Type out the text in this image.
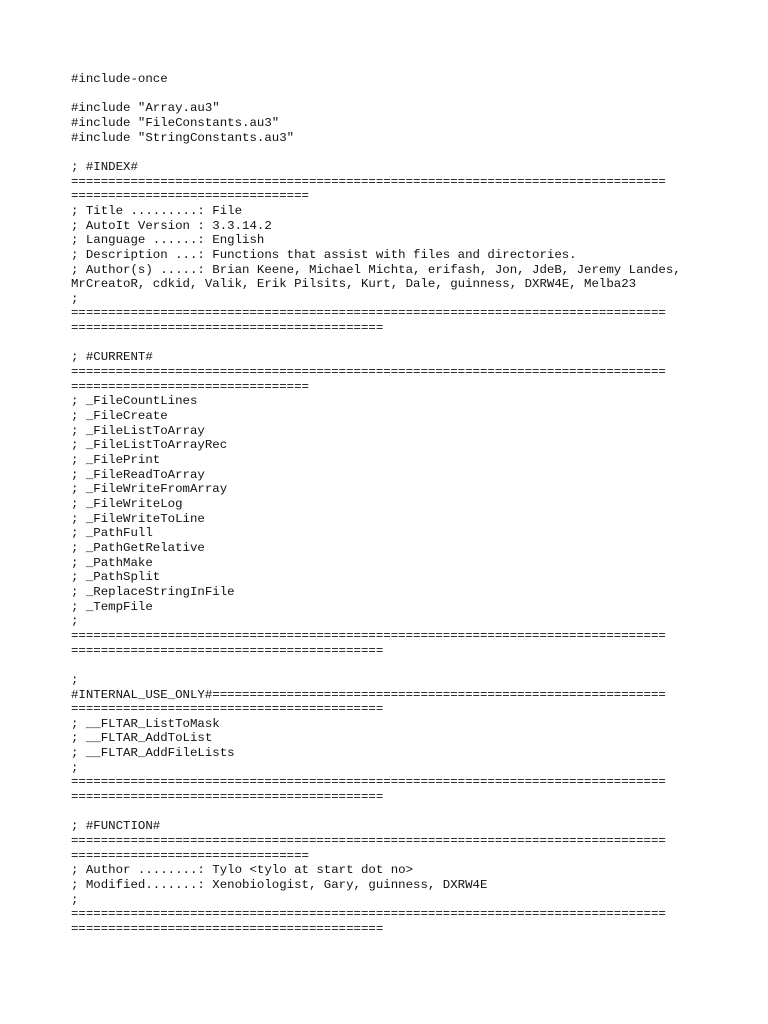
#include-once
#include "Array.au3"
#include "FileConstants.au3"
#include "StringConstants.au3"
; #INDEX#
================================================================================
================================
; Title .........: File
; AutoIt Version : 3.3.14.2
; Language ......: English
; Description ...: Functions that assist with files and directories.
; Author(s) .....: Brian Keene, Michael Michta, erifash, Jon, JdeB, Jeremy Landes,
MrCreatoR, cdkid, Valik, Erik Pilsits, Kurt, Dale, guinness, DXRW4E, Melba23
;
================================================================================
==========================================
; #CURRENT#
================================================================================
================================
; _FileCountLines
; _FileCreate
; _FileListToArray
; _FileListToArrayRec
; _FilePrint
; _FileReadToArray
; _FileWriteFromArray
; _FileWriteLog
; _FileWriteToLine
; _PathFull
; _PathGetRelative
; _PathMake
; _PathSplit
; _ReplaceStringInFile
; _TempFile
;
================================================================================
==========================================
;
#INTERNAL_USE_ONLY#=============================================================
==========================================
; __FLTAR_ListToMask
; __FLTAR_AddToList
; __FLTAR_AddFileLists
;
================================================================================
==========================================
; #FUNCTION#
================================================================================
================================
; Author ........: Tylo <tylo at start dot no>
; Modified.......: Xenobiologist, Gary, guinness, DXRW4E
;
================================================================================
==========================================
